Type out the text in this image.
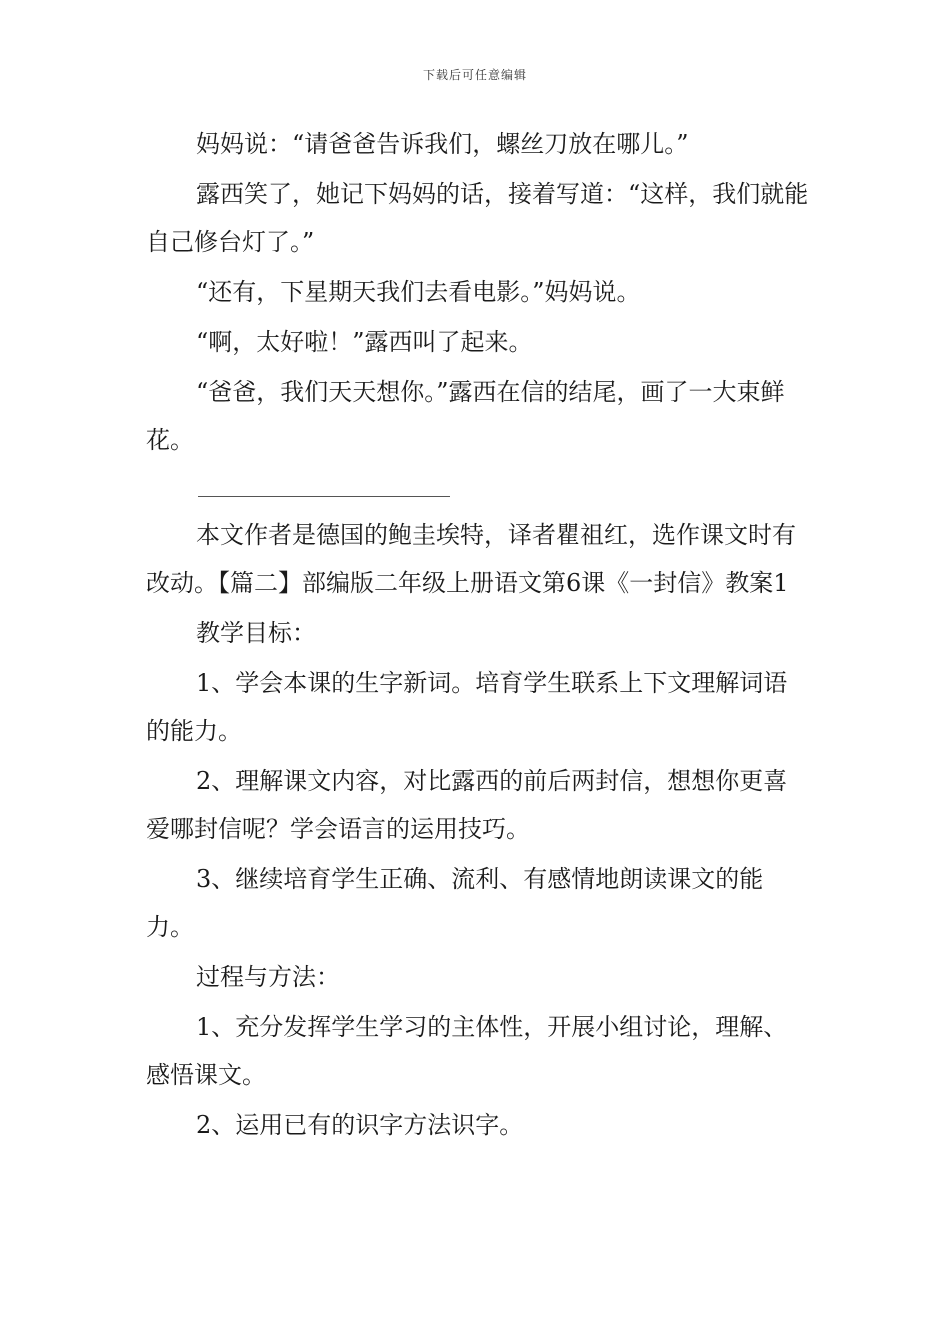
下载后可任意编辑

妈妈说：“请爸爸告诉我们，螺丝刀放在哪儿。”

露西笑了，她记下妈妈的话，接着写道：“这样，我们就能自己修台灯了。”

“还有，下星期天我们去看电影。”妈妈说。

“啊，太好啦！”露西叫了起来。

“爸爸，我们天天想你。”露西在信的结尾，画了一大束鲜花。

本文作者是德国的鲍圭埃特，译者瞿祖红，选作课文时有改动。【篇二】部编版二年级上册语文第6课《一封信》教案1

教学目标：

1、学会本课的生字新词。培育学生联系上下文理解词语的能力。

2、理解课文内容，对比露西的前后两封信，想想你更喜爱哪封信呢？学会语言的运用技巧。

3、继续培育学生正确、流利、有感情地朗读课文的能力。

过程与方法：

1、充分发挥学生学习的主体性，开展小组讨论，理解、感悟课文。

2、运用已有的识字方法识字。
